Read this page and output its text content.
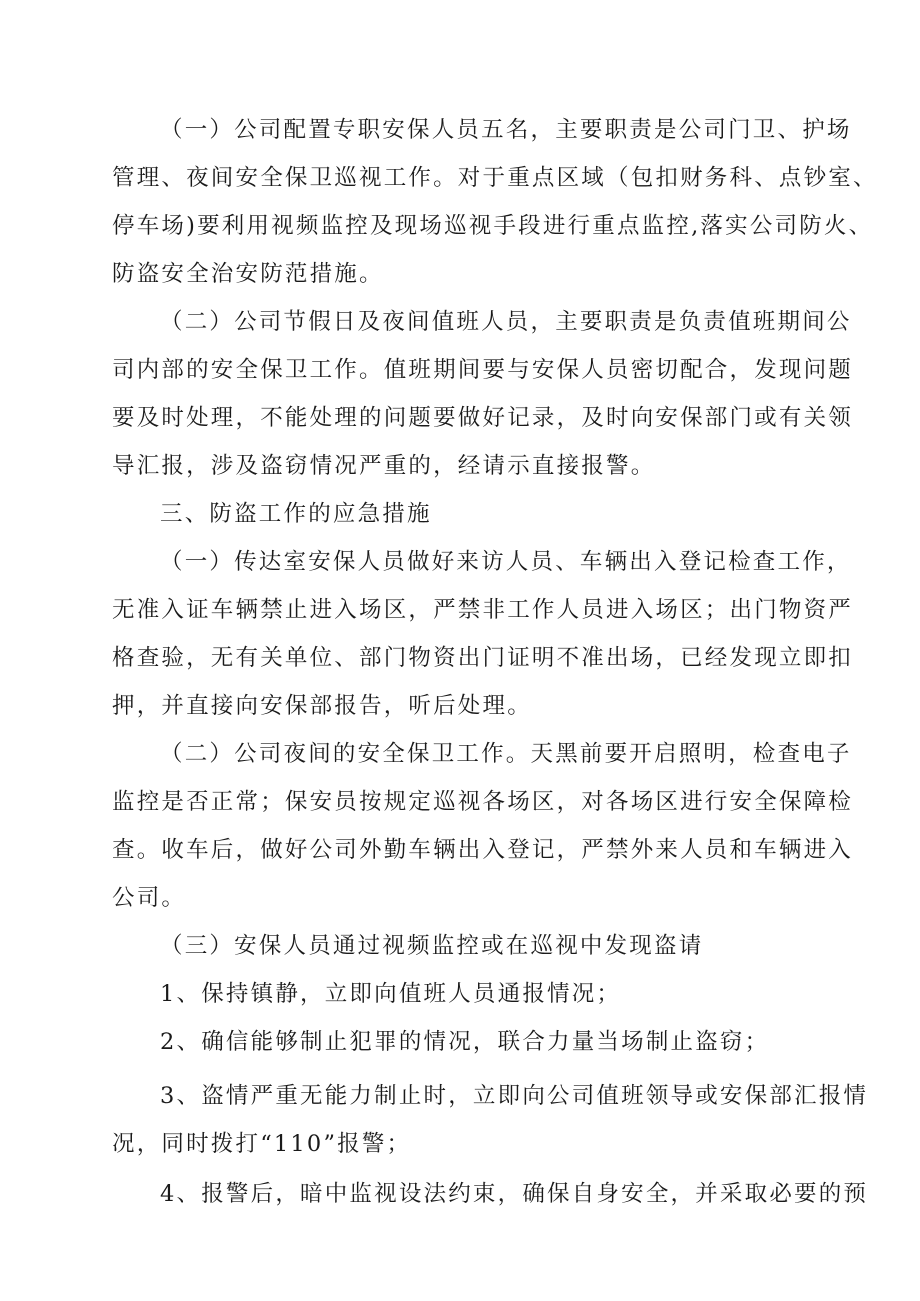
（一）公司配置专职安保人员五名，主要职责是公司门卫、护场
管理、夜间安全保卫巡视工作。对于重点区域（包扣财务科、点钞室、
停车场)要利用视频监控及现场巡视手段进行重点监控,落实公司防火、
防盗安全治安防范措施。
（二）公司节假日及夜间值班人员，主要职责是负责值班期间公
司内部的安全保卫工作。值班期间要与安保人员密切配合，发现问题
要及时处理，不能处理的问题要做好记录，及时向安保部门或有关领
导汇报，涉及盗窃情况严重的，经请示直接报警。
三、防盗工作的应急措施
（一）传达室安保人员做好来访人员、车辆出入登记检查工作，
无准入证车辆禁止进入场区，严禁非工作人员进入场区；出门物资严
格查验，无有关单位、部门物资出门证明不准出场，已经发现立即扣
押，并直接向安保部报告，听后处理。
（二）公司夜间的安全保卫工作。天黑前要开启照明，检查电子
监控是否正常；保安员按规定巡视各场区，对各场区进行安全保障检
查。收车后，做好公司外勤车辆出入登记，严禁外来人员和车辆进入
公司。
（三）安保人员通过视频监控或在巡视中发现盗请
1、保持镇静，立即向值班人员通报情况；
2、确信能够制止犯罪的情况，联合力量当场制止盗窃；
3、盗情严重无能力制止时，立即向公司值班领导或安保部汇报情
况，同时拨打“110”报警；
4、报警后，暗中监视设法约束，确保自身安全，并采取必要的预
